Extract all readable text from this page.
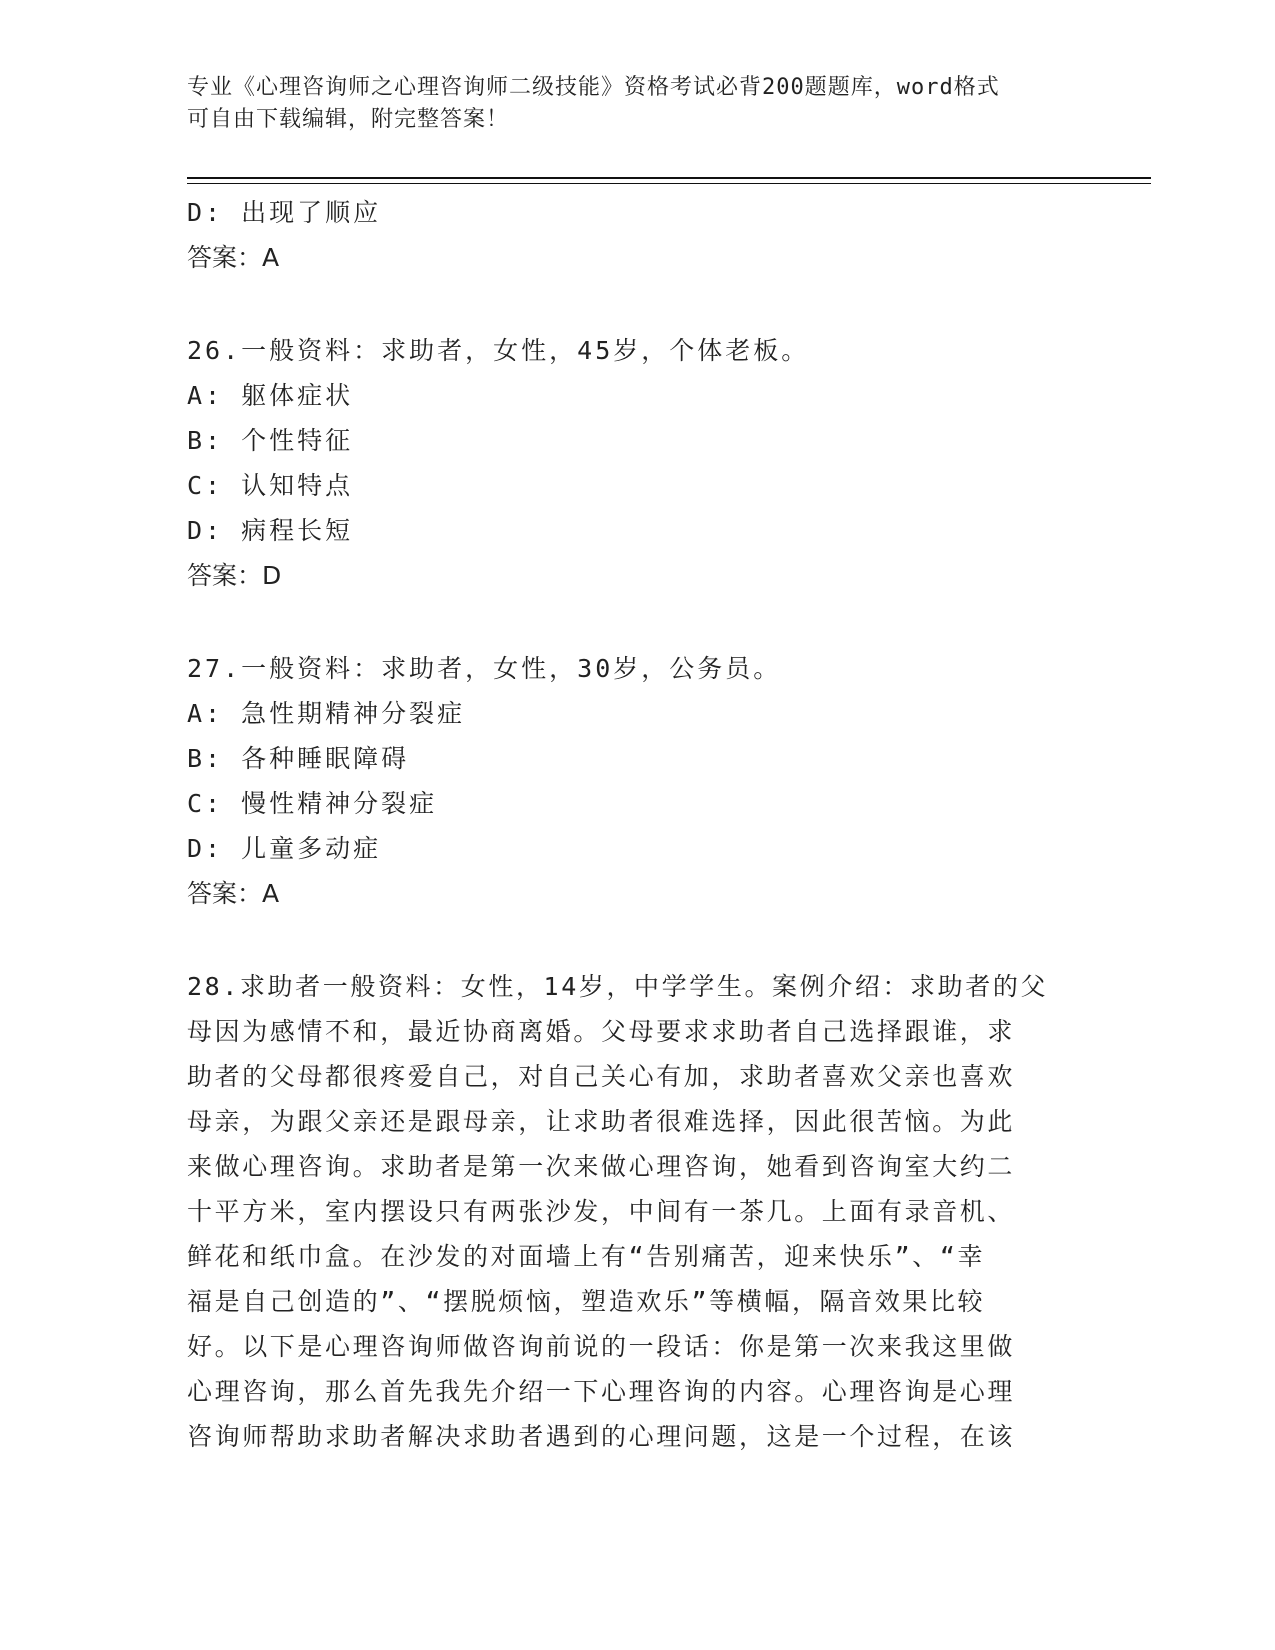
专业《心理咨询师之心理咨询师二级技能》资格考试必背200题题库，word格式
可自由下载编辑，附完整答案！
D: 出现了顺应
答案：A
26.一般资料：求助者，女性，45岁，个体老板。
A: 躯体症状
B: 个性特征
C: 认知特点
D: 病程长短
答案：D
27.一般资料：求助者，女性，30岁，公务员。
A: 急性期精神分裂症
B: 各种睡眠障碍
C: 慢性精神分裂症
D: 儿童多动症
答案：A
28.求助者一般资料：女性，14岁，中学学生。案例介绍：求助者的父
母因为感情不和，最近协商离婚。父母要求求助者自己选择跟谁，求
助者的父母都很疼爱自己，对自己关心有加，求助者喜欢父亲也喜欢
母亲，为跟父亲还是跟母亲，让求助者很难选择，因此很苦恼。为此
来做心理咨询。求助者是第一次来做心理咨询，她看到咨询室大约二
十平方米，室内摆设只有两张沙发，中间有一茶几。上面有录音机、
鲜花和纸巾盒。在沙发的对面墙上有“告别痛苦，迎来快乐”、“幸
福是自己创造的”、“摆脱烦恼，塑造欢乐”等横幅，隔音效果比较
好。以下是心理咨询师做咨询前说的一段话：你是第一次来我这里做
心理咨询，那么首先我先介绍一下心理咨询的内容。心理咨询是心理
咨询师帮助求助者解决求助者遇到的心理问题，这是一个过程，在该
